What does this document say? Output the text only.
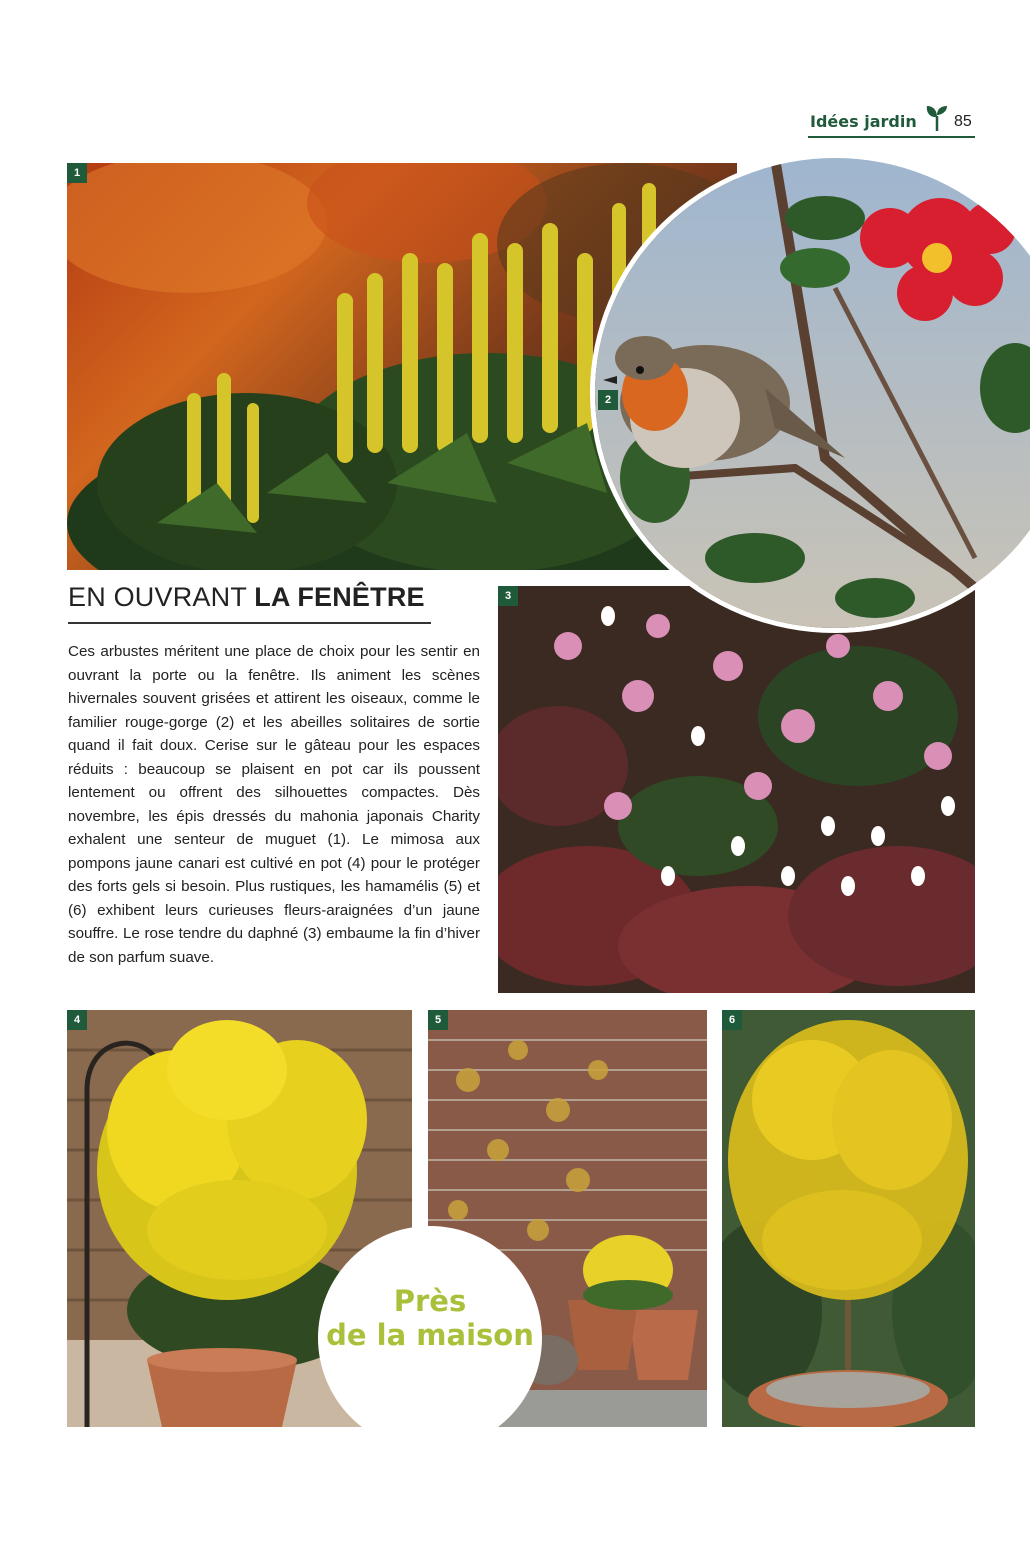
Idées jardin 85
1
3
2
EN OUVRANT LA FENÊTRE
Ces arbustes méritent une place de choix pour les sentir en ouvrant la porte ou la fenêtre. Ils animent les scènes hivernales souvent grisées et attirent les oiseaux, comme le familier rouge-gorge (2) et les abeilles solitaires de sortie quand il fait doux. Cerise sur le gâteau pour les espaces réduits : beaucoup se plaisent en pot car ils poussent lentement ou offrent des silhouettes compactes. Dès novembre, les épis dressés du mahonia japonais Charity exhalent une senteur de muguet (1). Le mimosa aux pompons jaune canari est cultivé en pot (4) pour le protéger des forts gels si besoin. Plus rustiques, les hamamélis (5) et (6) exhibent leurs curieuses fleurs-araignées d’un jaune souffre. Le rose tendre du daphné (3) embaume la fin d’hiver de son parfum suave.
4	5	6
Près
de la maison
